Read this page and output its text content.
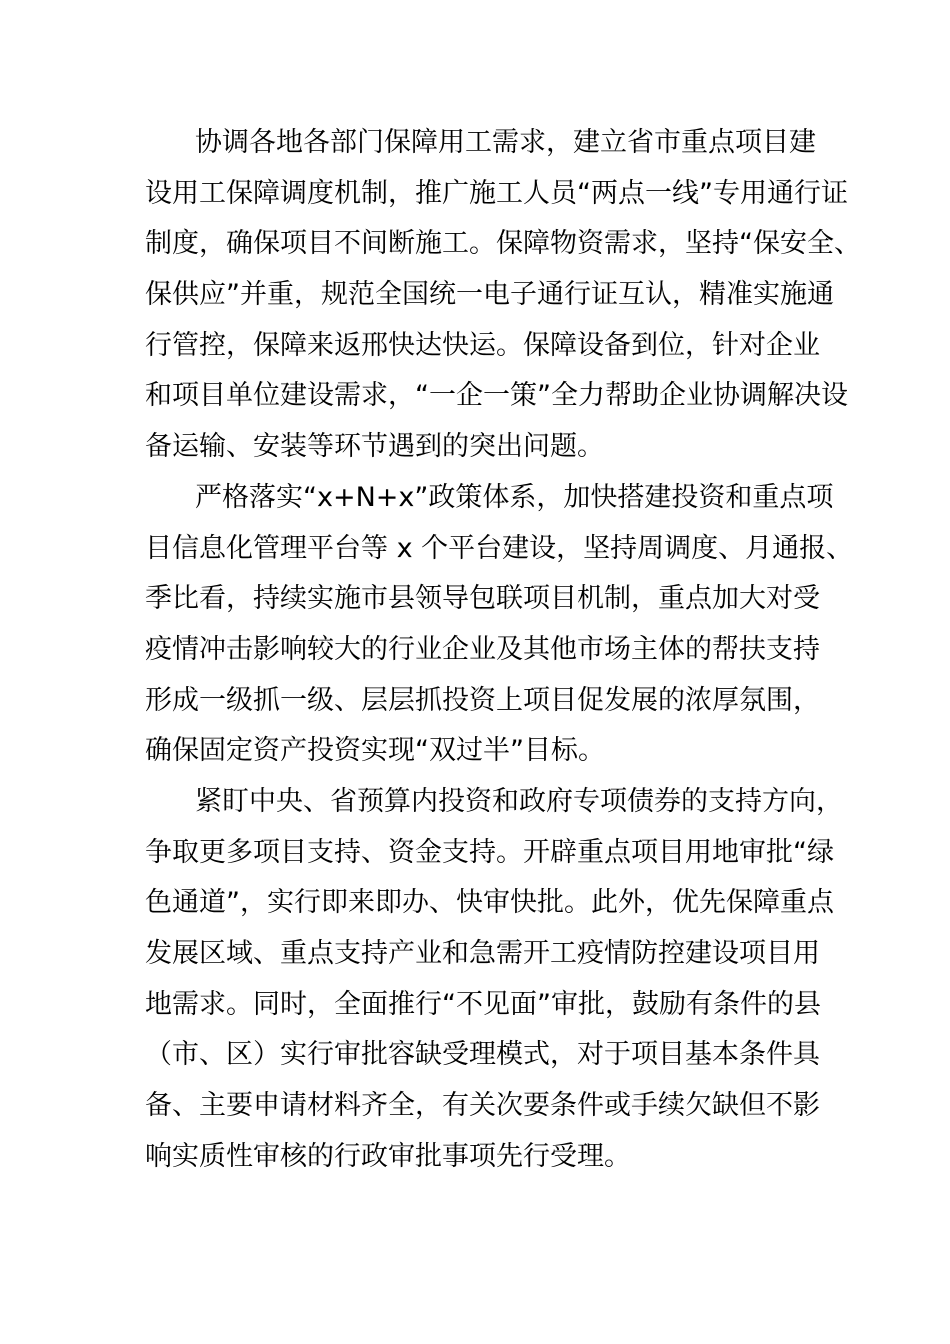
协调各地各部门保障用工需求，建立省市重点项目建
设用工保障调度机制，推广施工人员“两点一线”专用通行证
制度，确保项目不间断施工。保障物资需求，坚持“保安全、
保供应”并重，规范全国统一电子通行证互认，精准实施通
行管控，保障来返邢快达快运。保障设备到位，针对企业
和项目单位建设需求，“一企一策”全力帮助企业协调解决设
备运输、安装等环节遇到的突出问题。
严格落实“x+N+x”政策体系，加快搭建投资和重点项
目信息化管理平台等 x 个平台建设，坚持周调度、月通报、
季比看，持续实施市县领导包联项目机制，重点加大对受
疫情冲击影响较大的行业企业及其他市场主体的帮扶支持
形成一级抓一级、层层抓投资上项目促发展的浓厚氛围，
确保固定资产投资实现“双过半”目标。
紧盯中央、省预算内投资和政府专项债券的支持方向，
争取更多项目支持、资金支持。开辟重点项目用地审批“绿
色通道”，实行即来即办、快审快批。此外，优先保障重点
发展区域、重点支持产业和急需开工疫情防控建设项目用
地需求。同时，全面推行“不见面”审批，鼓励有条件的县
（市、区）实行审批容缺受理模式，对于项目基本条件具
备、主要申请材料齐全，有关次要条件或手续欠缺但不影
响实质性审核的行政审批事项先行受理。
